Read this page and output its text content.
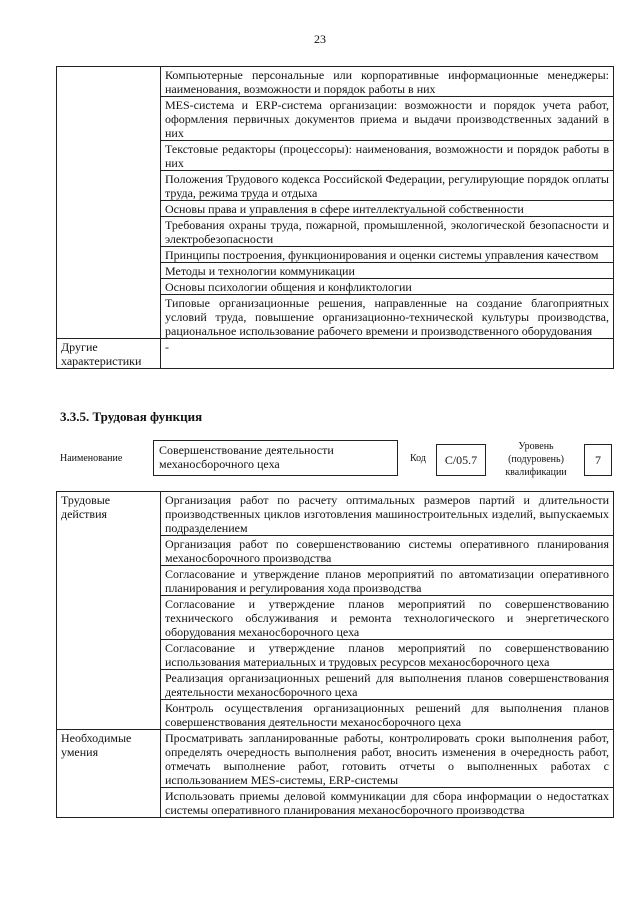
23
	Компьютерные персональные или корпоративные информационные менеджеры: наименования, возможности и порядок работы в них
	MES-система и ERP-система организации: возможности и порядок учета работ, оформления первичных документов приема и выдачи производственных заданий в них
	Текстовые редакторы (процессоры): наименования, возможности и порядок работы в них
	Положения Трудового кодекса Российской Федерации, регулирующие порядок оплаты труда, режима труда и отдыха
	Основы права и управления в сфере интеллектуальной собственности
	Требования охраны труда, пожарной, промышленной, экологической безопасности и электробезопасности
	Принципы построения, функционирования и оценки системы управления качеством
	Методы и технологии коммуникации
	Основы психологии общения и конфликтологии
	Типовые организационные решения, направленные на создание благоприятных условий труда, повышение организационно-технической культуры производства, рациональное использование рабочего времени и производственного оборудования
Другие характеристики	-
3.3.5. Трудовая функция
Наименование
Совершенствование деятельности механосборочного цеха	Код	C/05.7
Уровень (подуровень) квалификации
7
Трудовые действия	Организация работ по расчету оптимальных размеров партий и длительности производственных циклов изготовления машиностроительных изделий, выпускаемых подразделением
	Организация работ по совершенствованию системы оперативного планирования механосборочного производства
	Согласование и утверждение планов мероприятий по автоматизации оперативного планирования и регулирования хода производства
	Согласование и утверждение планов мероприятий по совершенствованию технического обслуживания и ремонта технологического и энергетического оборудования механосборочного цеха
	Согласование и утверждение планов мероприятий по совершенствованию использования материальных и трудовых ресурсов механосборочного цеха
	Реализация организационных решений для выполнения планов совершенствования деятельности механосборочного цеха
	Контроль осуществления организационных решений для выполнения планов совершенствования деятельности механосборочного цеха
Необходимые умения	Просматривать запланированные работы, контролировать сроки выполнения работ, определять очередность выполнения работ, вносить изменения в очередность работ, отмечать выполнение работ, готовить отчеты о выполненных работах с использованием MES-системы, ERP-системы
	Использовать приемы деловой коммуникации для сбора информации о недостатках системы оперативного планирования механосборочного производства
